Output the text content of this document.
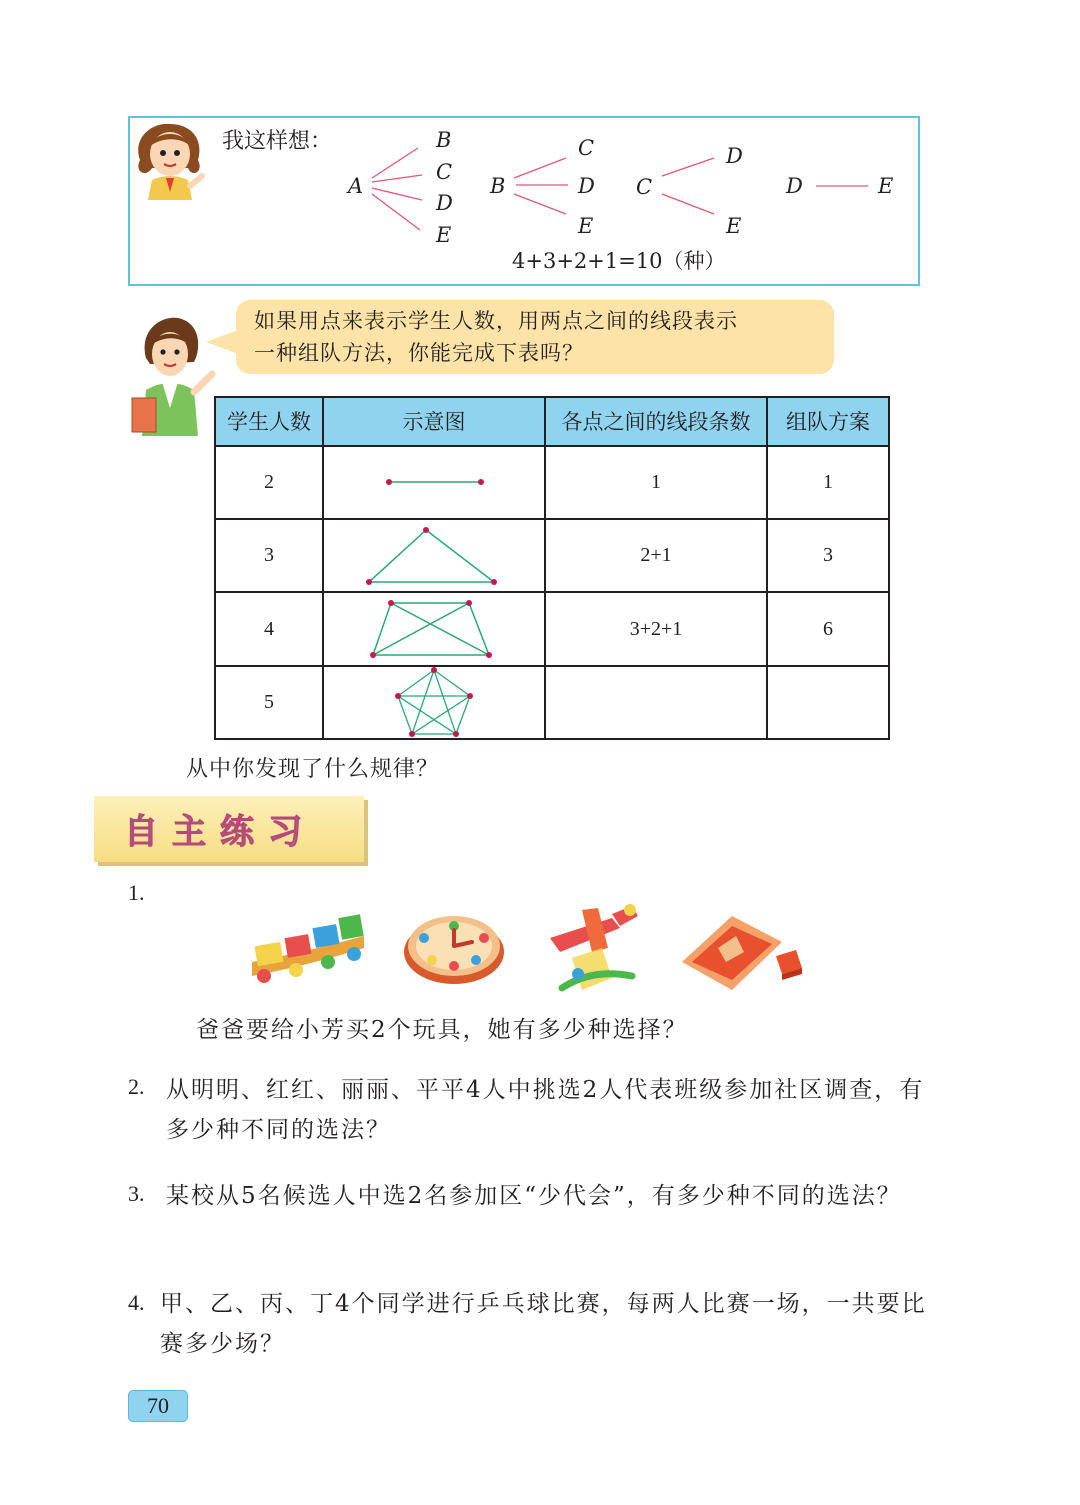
我这样想：
A
B
C
D
E
B
C
D
E
C
D
E
D	E
4+3+2+1=10（种）
如果用点来表示学生人数，用两点之间的线段表示
一种组队方法，你能完成下表吗？
学生人数	示意图	各点之间的线段条数	组队方案
2		1	1
3		2+1	3
4		3+2+1	6
5	

从中你发现了什么规律？
自主练习
1.
爸爸要给小芳买2个玩具，她有多少种选择？
2. 从明明、红红、丽丽、平平4人中挑选2人代表班级参加社区调查，有多少种不同的选法？
3. 某校从5名候选人中选2名参加区“少代会”，有多少种不同的选法？
4. 甲、乙、丙、丁4个同学进行乒乓球比赛，每两人比赛一场，一共要比赛多少场？
70
